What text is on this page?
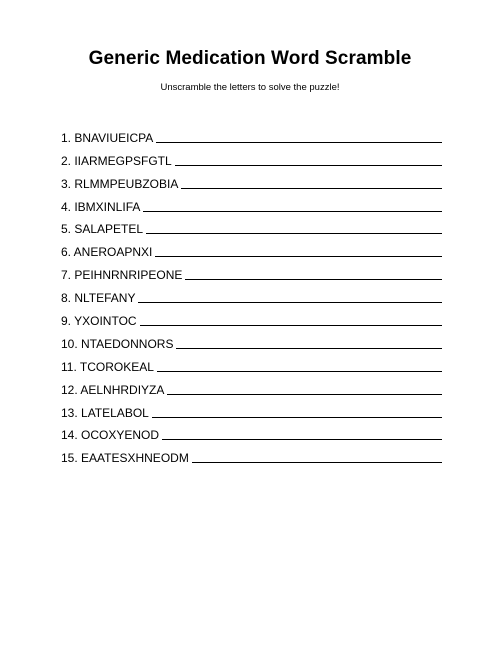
Generic Medication Word Scramble
Unscramble the letters to solve the puzzle!
1. BNAVIUEICPA
2. IIARMEGPSFGTL
3. RLMMPEUBZOBIA
4. IBMXINLIFA
5. SALAPETEL
6. ANEROAPNXI
7. PEIHNRNRIPEONE
8. NLTEFANY
9. YXOINTOC
10. NTAEDONNORS
11. TCOROKEAL
12. AELNHRDIYZA
13. LATELABOL
14. OCOXYENOD
15. EAATESXHNEODM
